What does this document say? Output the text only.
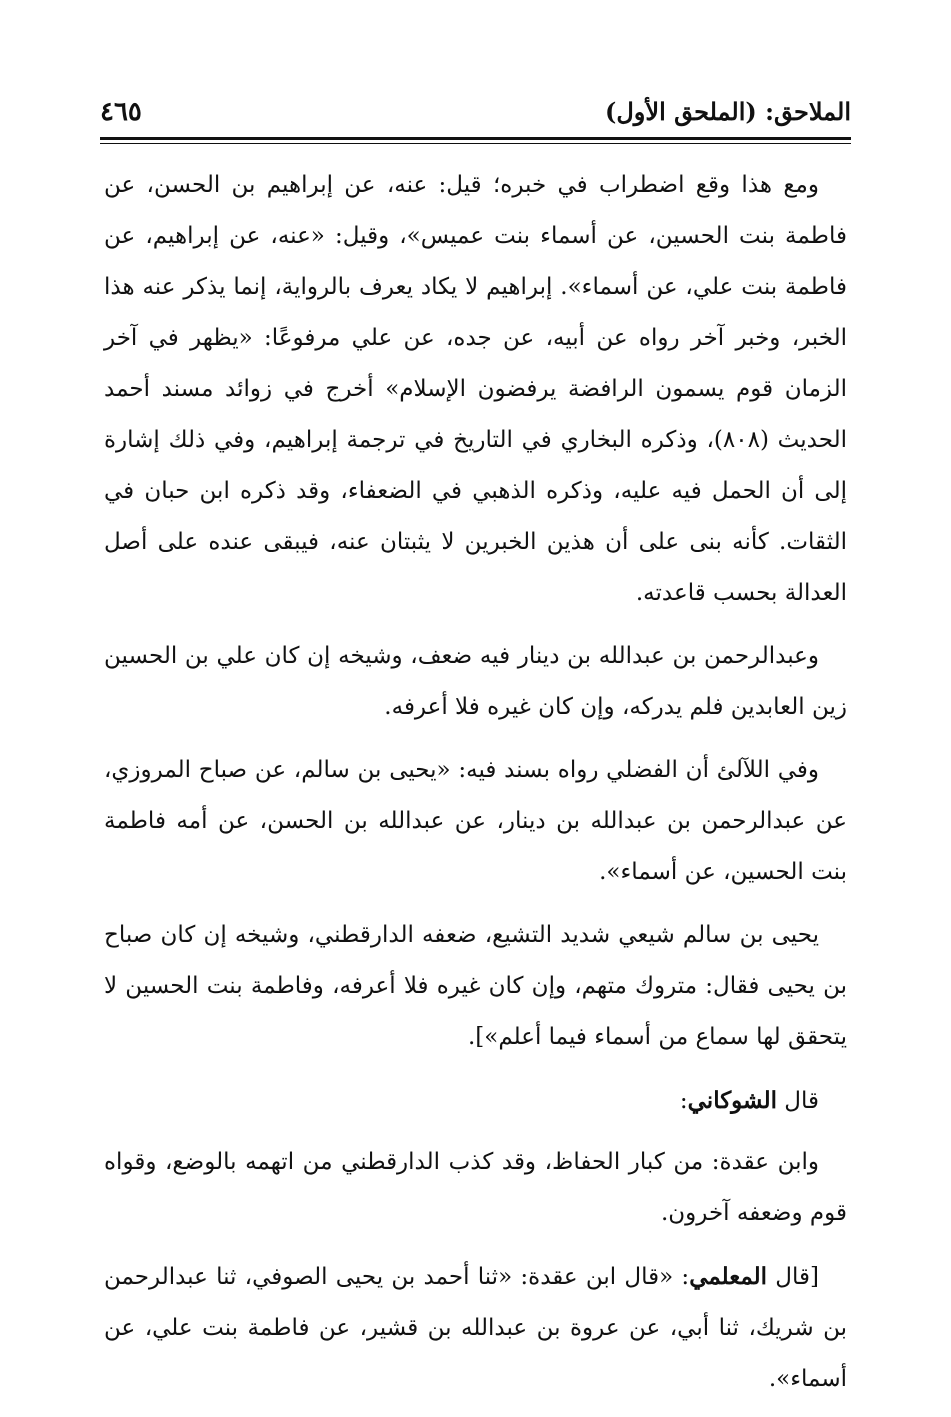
الملاحق: (الملحق الأول)
٤٦٥

ومع هذا وقع اضطراب في خبره؛ قيل: عنه، عن إبراهيم بن الحسن، عن فاطمة بنت الحسين، عن أسماء بنت عميس»، وقيل: «عنه، عن إبراهيم، عن فاطمة بنت علي، عن أسماء». إبراهيم لا يكاد يعرف بالرواية، إنما يذكر عنه هذا الخبر، وخبر آخر رواه عن أبيه، عن جده، عن علي مرفوعًا: «يظهر في آخر الزمان قوم يسمون الرافضة يرفضون الإسلام» أخرج في زوائد مسند أحمد الحديث (٨٠٨)، وذكره البخاري في التاريخ في ترجمة إبراهيم، وفي ذلك إشارة إلى أن الحمل فيه عليه، وذكره الذهبي في الضعفاء، وقد ذكره ابن حبان في الثقات. كأنه بنى على أن هذين الخبرين لا يثبتان عنه، فيبقى عنده على أصل العدالة بحسب قاعدته.

وعبدالرحمن بن عبدالله بن دينار فيه ضعف، وشيخه إن كان علي بن الحسين زين العابدين فلم يدركه، وإن كان غيره فلا أعرفه.

وفي اللآلئ أن الفضلي رواه بسند فيه: «يحيى بن سالم، عن صباح المروزي، عن عبدالرحمن بن عبدالله بن دينار، عن عبدالله بن الحسن، عن أمه فاطمة بنت الحسين، عن أسماء».

يحيى بن سالم شيعي شديد التشيع، ضعفه الدارقطني، وشيخه إن كان صباح بن يحيى فقال: متروك متهم، وإن كان غيره فلا أعرفه، وفاطمة بنت الحسين لا يتحقق لها سماع من أسماء فيما أعلم»].

قال الشوكاني:

وابن عقدة: من كبار الحفاظ، وقد كذب الدارقطني من اتهمه بالوضع، وقواه قوم وضعفه آخرون.

[قال المعلمي: «قال ابن عقدة: «ثنا أحمد بن يحيى الصوفي، ثنا عبدالرحمن بن شريك، ثنا أبي، عن عروة بن عبدالله بن قشير، عن فاطمة بنت علي، عن أسماء».
